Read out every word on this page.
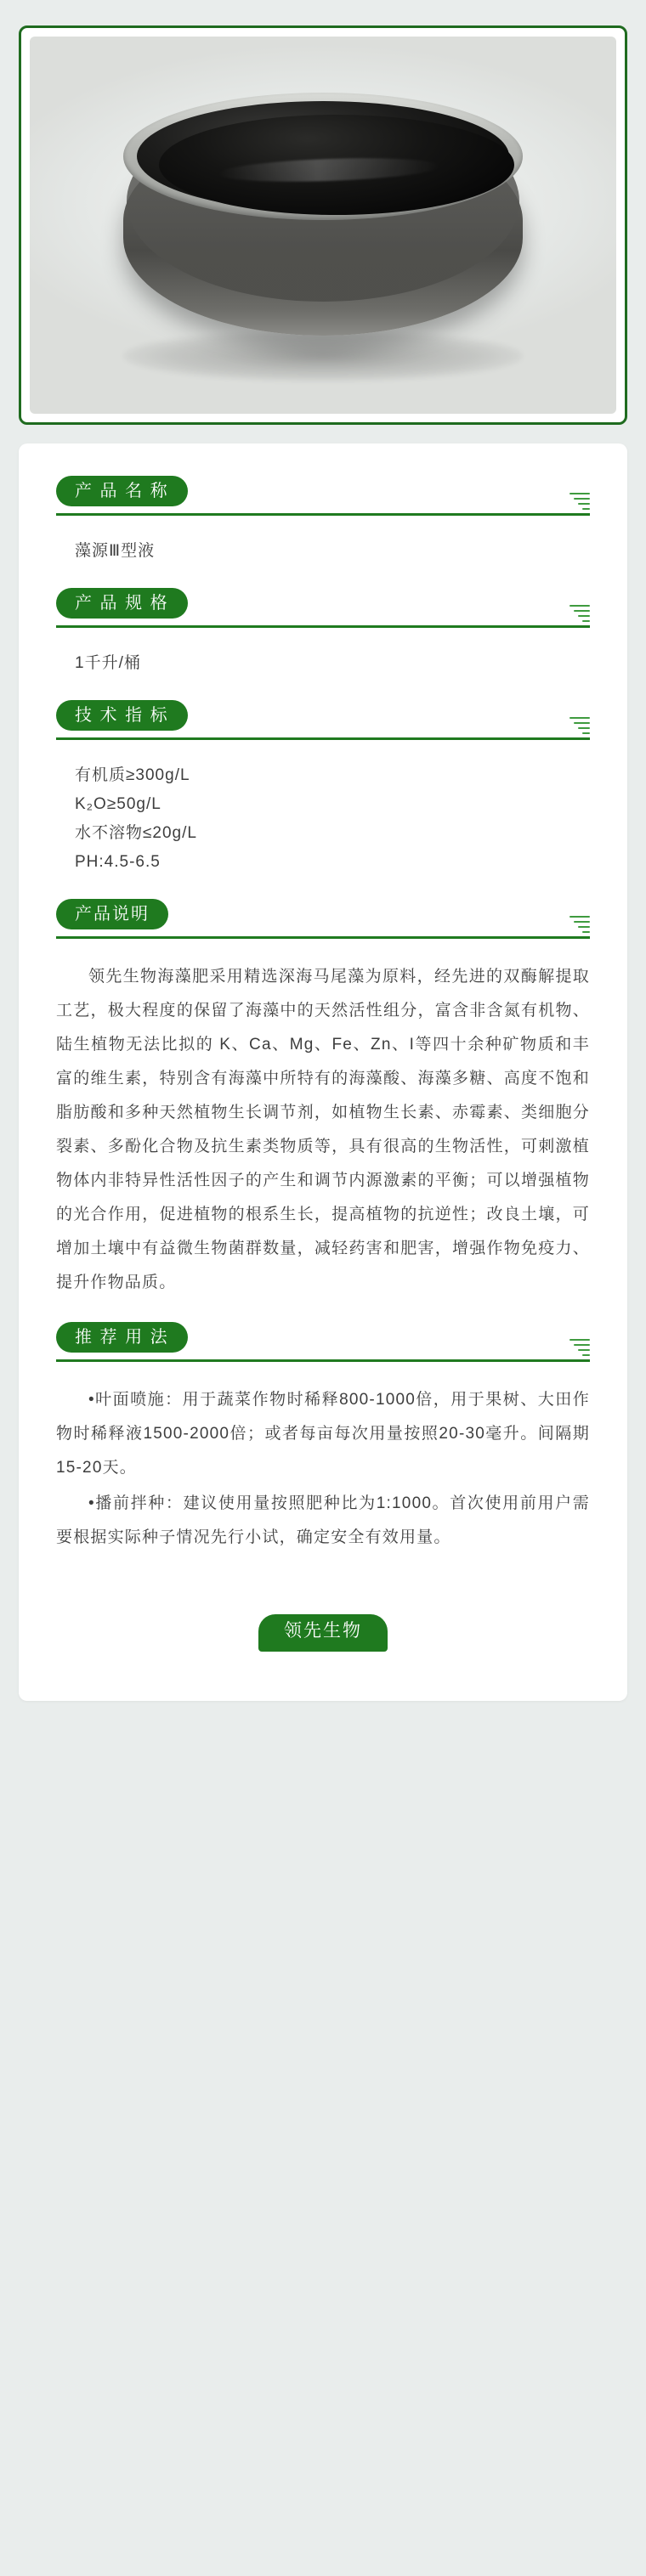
产 品 名 称

藻源Ⅲ型液

产 品 规 格

1千升/桶

技 术 指 标

有机质≥300g/L

K₂O≥50g/L

水不溶物≤20g/L

PH:4.5-6.5

产品说明

领先生物海藻肥采用精选深海马尾藻为原料，经先进的双酶解提取工艺，极大程度的保留了海藻中的天然活性组分，富含非含氮有机物、陆生植物无法比拟的 K、Ca、Mg、Fe、Zn、I等四十余种矿物质和丰富的维生素，特别含有海藻中所特有的海藻酸、海藻多糖、高度不饱和脂肪酸和多种天然植物生长调节剂，如植物生长素、赤霉素、类细胞分裂素、多酚化合物及抗生素类物质等，具有很高的生物活性，可刺激植物体内非特异性活性因子的产生和调节内源激素的平衡；可以增强植物的光合作用，促进植物的根系生长，提高植物的抗逆性；改良土壤，可增加土壤中有益微生物菌群数量，减轻药害和肥害，增强作物免疫力、提升作物品质。

推 荐 用 法

•叶面喷施：用于蔬菜作物时稀释800-1000倍，用于果树、大田作物时稀释液1500-2000倍；或者每亩每次用量按照20-30毫升。间隔期15-20天。

•播前拌种：建议使用量按照肥种比为1:1000。首次使用前用户需要根据实际种子情况先行小试，确定安全有效用量。

领先生物
